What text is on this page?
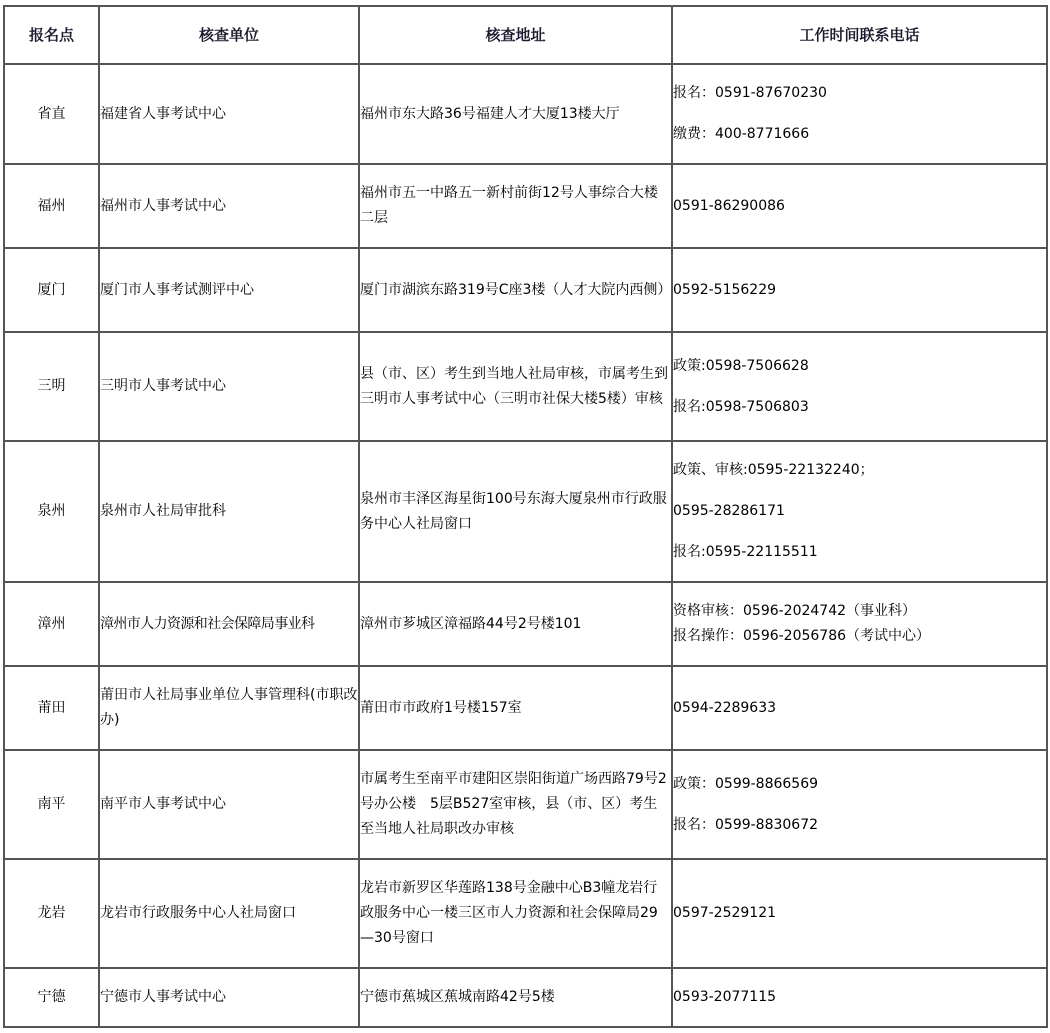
报名点	核查单位	核查地址	工作时间联系电话
省直	福建省人事考试中心	福州市东大路36号福建人才大厦13楼大厅	报名：0591-87670230
缴费：400-8771666

福州	福州市人事考试中心	福州市五一中路五一新村前街12号人事综合大楼二层	0591-86290086

厦门	厦门市人事考试测评中心	厦门市湖滨东路319号C座3楼（人才大院内西侧）	0592-5156229

三明	三明市人事考试中心	县（市、区）考生到当地人社局审核，市属考生到三明市人事考试中心（三明市社保大楼5楼）审核	政策:0598-7506628
报名:0598-7506803

泉州	泉州市人社局审批科	泉州市丰泽区海星街100号东海大厦泉州市行政服务中心人社局窗口	政策、审核:0595-22132240；
0595-28286171
报名:0595-22115511

漳州	漳州市人力资源和社会保障局事业科	漳州市芗城区漳福路44号2号楼101	资格审核：0596-2024742（事业科）
报名操作：0596-2056786（考试中心）

莆田	莆田市人社局事业单位人事管理科(市职改办)	莆田市市政府1号楼157室	0594-2289633

南平	南平市人事考试中心	市属考生至南平市建阳区崇阳街道广场西路79号2号办公楼　5层B527室审核，县（市、区）考生至当地人社局职改办审核	政策：0599-8866569
报名：0599-8830672

龙岩	龙岩市行政服务中心人社局窗口	龙岩市新罗区华莲路138号金融中心B3幢龙岩行政服务中心一楼三区市人力资源和社会保障局29—30号窗口	0597-2529121

宁德	宁德市人事考试中心	宁德市蕉城区蕉城南路42号5楼	0593-2077115
